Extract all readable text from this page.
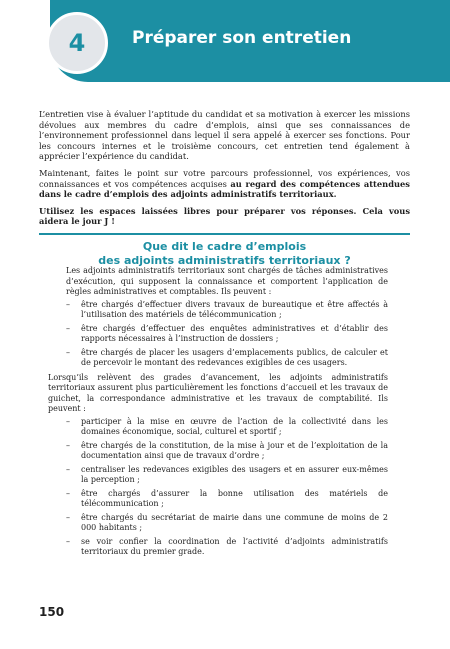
4	Préparer son entretien

L’entretien vise à évaluer l’aptitude du candidat et sa motivation à exercer les missions dévolues aux membres du cadre d’emplois, ainsi que ses connaissances de l’environnement professionnel dans lequel il sera appelé à exercer ses fonctions. Pour les concours internes et le troisième concours, cet entretien tend également à apprécier l’expérience du candidat.

Maintenant, faites le point sur votre parcours professionnel, vos expériences, vos connaissances et vos compétences acquises au regard des compétences attendues dans le cadre d’emplois des adjoints administratifs territoriaux.

Utilisez les espaces laissées libres pour préparer vos réponses. Cela vous aidera le jour J !

Que dit le cadre d’emplois
des adjoints administratifs territoriaux ?

Les adjoints administratifs territoriaux sont chargés de tâches administratives d’exécution, qui supposent la connaissance et comportent l’application de règles administratives et comptables. Ils peuvent :

– être chargés d’effectuer divers travaux de bureautique et être affectés à l’utilisation des matériels de télécommunication ;
– être chargés d’effectuer des enquêtes administratives et d’établir des rapports nécessaires à l’instruction de dossiers ;
– être chargés de placer les usagers d’emplacements publics, de calculer et de percevoir le montant des redevances exigibles de ces usagers.

Lorsqu’ils relèvent des grades d’avancement, les adjoints administratifs territoriaux assurent plus particulièrement les fonctions d’accueil et les travaux de guichet, la correspondance administrative et les travaux de comptabilité. Ils peuvent :

– participer à la mise en œuvre de l’action de la collectivité dans les domaines économique, social, culturel et sportif ;
– être chargés de la constitution, de la mise à jour et de l’exploitation de la documentation ainsi que de travaux d’ordre ;
– centraliser les redevances exigibles des usagers et en assurer eux-mêmes la perception ;
– être chargés d’assurer la bonne utilisation des matériels de télécommunication ;
– être chargés du secrétariat de mairie dans une commune de moins de 2 000 habitants ;
– se voir confier la coordination de l’activité d’adjoints administratifs territoriaux du premier grade.
150
